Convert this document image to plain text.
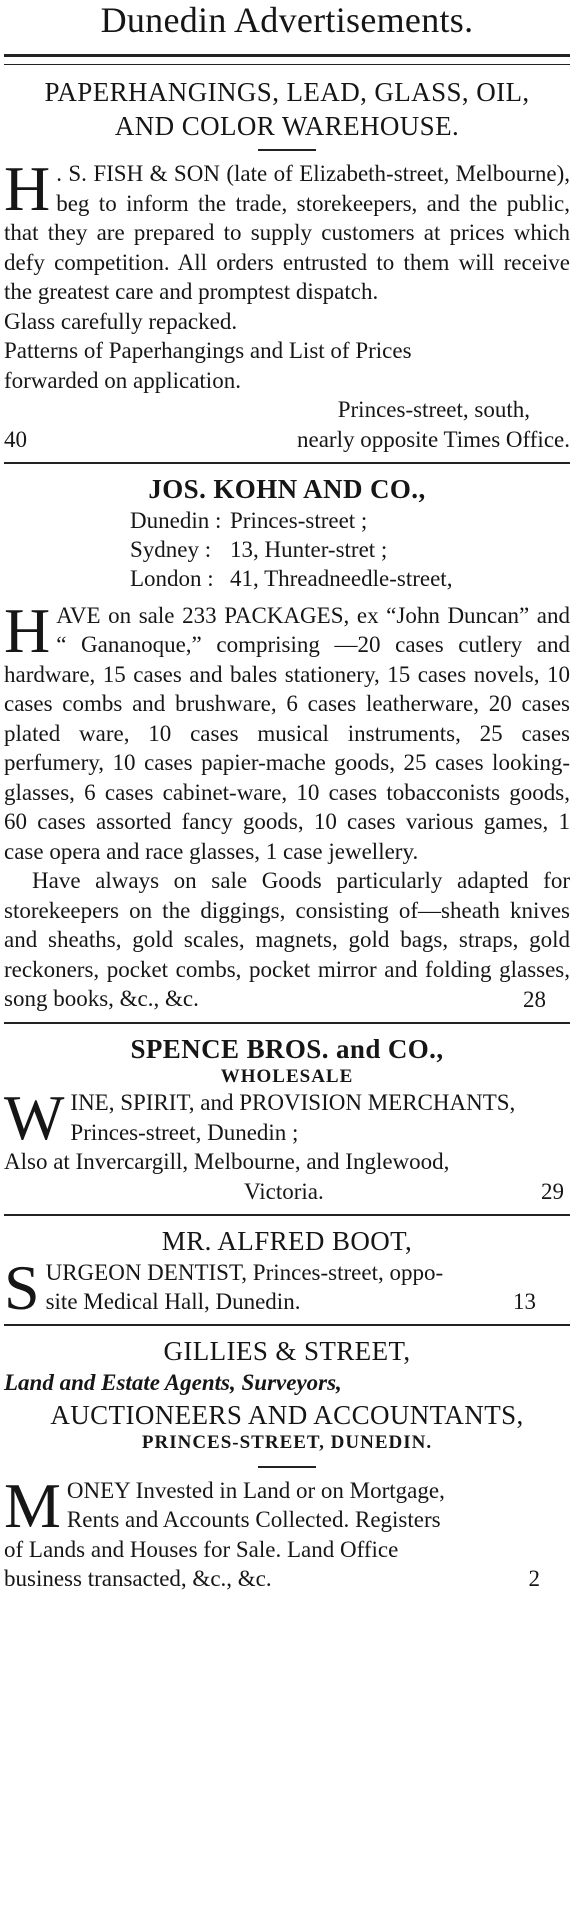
Dunedin Advertisements.
PAPERHANGINGS, LEAD, GLASS, OIL,
AND COLOR WAREHOUSE.
H . S. FISH & SON (late of Elizabeth-street, Melbourne), beg to inform the trade, storekeepers, and the public, that they are prepared to supply customers at prices which defy competition. All orders entrusted to them will receive the greatest care and promptest dispatch.
Glass carefully repacked.
Patterns of Paperhangings and List of Prices
forwarded on application.
Princes-street, south,
40	nearly opposite Times Office.
JOS. KOHN AND CO.,
Dunedin : Princes-street ;
Sydney : 13, Hunter-stret ;
London : 41, Threadneedle-street,
HAVE on sale 233 PACKAGES, ex “John Duncan” and “ Gananoque,” comprising —20 cases cutlery and hardware, 15 cases and bales stationery, 15 cases novels, 10 cases combs and brushware, 6 cases leatherware, 20 cases plated ware, 10 cases musical instruments, 25 cases perfumery, 10 cases papier-mache goods, 25 cases looking-glasses, 6 cases cabinet-ware, 10 cases tobacconists goods, 60 cases assorted fancy goods, 10 cases various games, 1 case opera and race glasses, 1 case jewellery.
Have always on sale Goods particularly adapted for storekeepers on the diggings, consisting of—sheath knives and sheaths, gold scales, magnets, gold bags, straps, gold reckoners, pocket combs, pocket mirror and folding glasses, song books, &c., &c.	28
SPENCE BROS. and CO.,
WHOLESALE
W INE, SPIRIT, and PROVISION MERCHANTS,
Princes-street, Dunedin ;
Also at Invercargill, Melbourne, and Inglewood,
Victoria.	29
MR. ALFRED BOOT,
S URGEON DENTIST, Princes-street, oppo-
site Medical Hall, Dunedin.	13
GILLIES & STREET,
Land and Estate Agents, Surveyors,
AUCTIONEERS AND ACCOUNTANTS,
PRINCES-STREET, DUNEDIN.
M ONEY Invested in Land or on Mortgage,
Rents and Accounts Collected. Registers
of Lands and Houses for Sale. Land Office
business transacted, &c., &c.	2
